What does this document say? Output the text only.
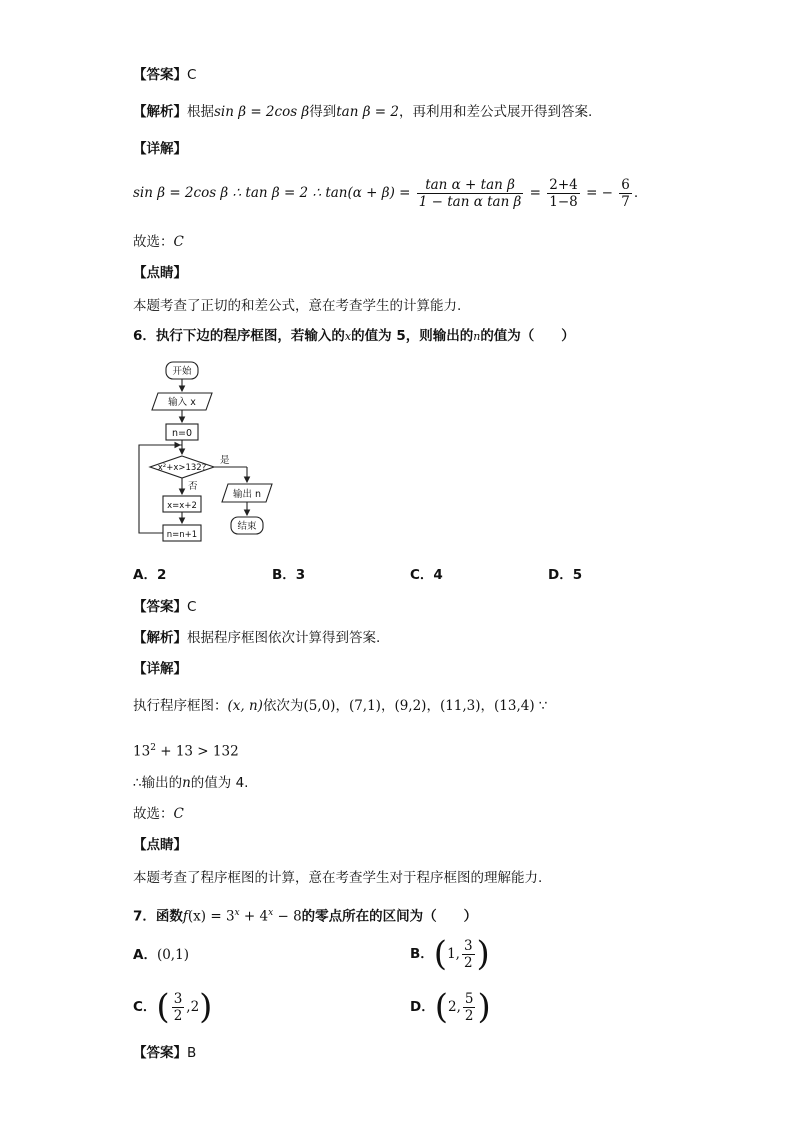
【答案】C
【解析】根据sin β = 2cos β得到tan β = 2，再利用和差公式展开得到答案.
【详解】
sin β = 2cos β ∴ tan β = 2 ∴ $\tan(\alpha + \beta) = \frac{\text{tan α + tan β}}{\text{1 − tan α tan β}} = \frac{2+4}{1-8}$ = − $\frac{6}{7}$ .
故选：C
【点睛】
本题考查了正切的和差公式，意在考查学生的计算能力.
6．执行下边的程序框图，若输入的x的值为 5，则输出的n的值为（　　）
开始
输入 x
n=0
x²+x>132?
是
否
x=x+2
n=n+1
输出 n
结束
A．2	B．3	C．4	D．5
【答案】C
【解析】根据程序框图依次计算得到答案.
【详解】
执行程序框图：(x, n)依次为(5,0)，(7,1)，(9,2)，(11,3)，(13,4) ∵
$13^2 + 13 > 132$
∴输出的n的值为 4.
故选：C
【点睛】
本题考查了程序框图的计算，意在考查学生对于程序框图的理解能力.
7．函数$f(x) = 3^x + 4^x - 8$的零点所在的区间为（　　）
A．(0,1)	B．(1, $\frac{3}{2}$ )
C．( $\frac{3}{2} ,2$)	D．(2, $\frac{5}{2}$ )
【答案】B
